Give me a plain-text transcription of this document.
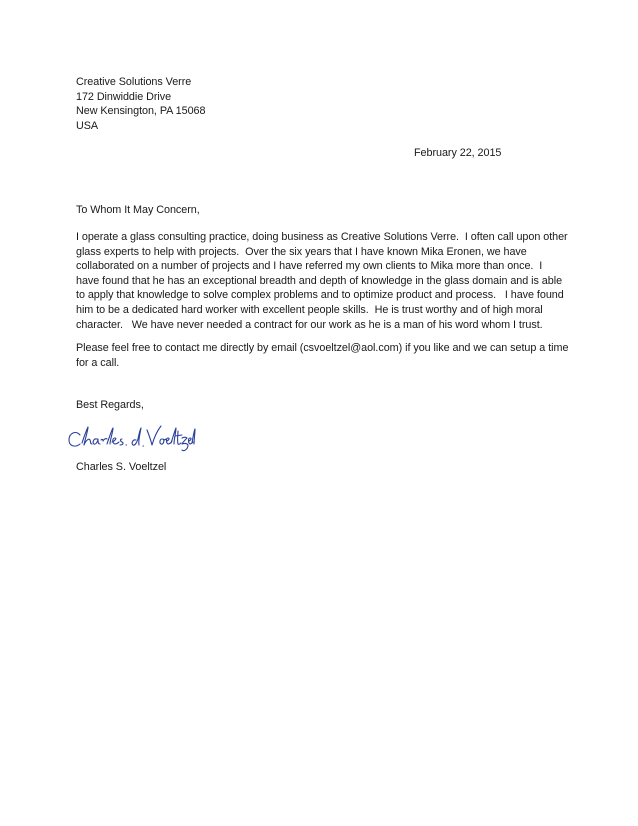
Creative Solutions Verre
172 Dinwiddie Drive
New Kensington, PA 15068
USA
February 22, 2015
To Whom It May Concern,
I operate a glass consulting practice, doing business as Creative Solutions Verre.  I often call upon other
glass experts to help with projects.  Over the six years that I have known Mika Eronen, we have
collaborated on a number of projects and I have referred my own clients to Mika more than once.  I
have found that he has an exceptional breadth and depth of knowledge in the glass domain and is able
to apply that knowledge to solve complex problems and to optimize product and process.   I have found
him to be a dedicated hard worker with excellent people skills.  He is trust worthy and of high moral
character.   We have never needed a contract for our work as he is a man of his word whom I trust.
Please feel free to contact me directly by email (csvoeltzel@aol.com) if you like and we can setup a time
for a call.
Best Regards,
Charles S. Voeltzel
